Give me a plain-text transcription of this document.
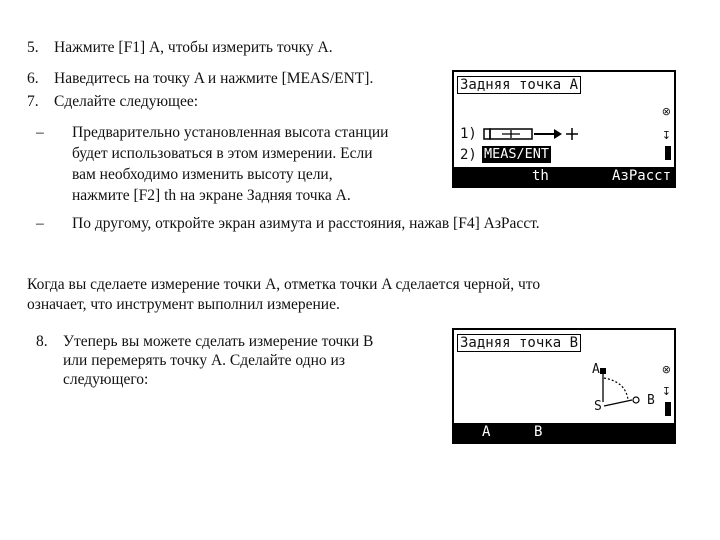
5. Нажмите [F1] A, чтобы измерить точку A.
6. Наведитесь на точку A и нажмите [MEAS/ENT].
7. Сделайте следующее:
– Предварительно установленная высота станции
будет использоваться в этом измерении. Если
вам необходимо изменить высоту цели,
нажмите [F2] th на экране Задняя точка A.
– По другому, откройте экран азимута и расстояния, нажав [F4] АзРасст.
Когда вы сделаете измерение точки A, отметка точки A сделается черной, что
означает, что инструмент выполнил измерение.
8. Утеперь вы можете сделать измерение точки B
или перемерять точку A. Сделайте одно из
следующего:
Задняя точка A
⊗
↧
1)
2) MEAS/ENT
th	АзРасст
Задняя точка B
⊗
↧
A
S	B
A	B
